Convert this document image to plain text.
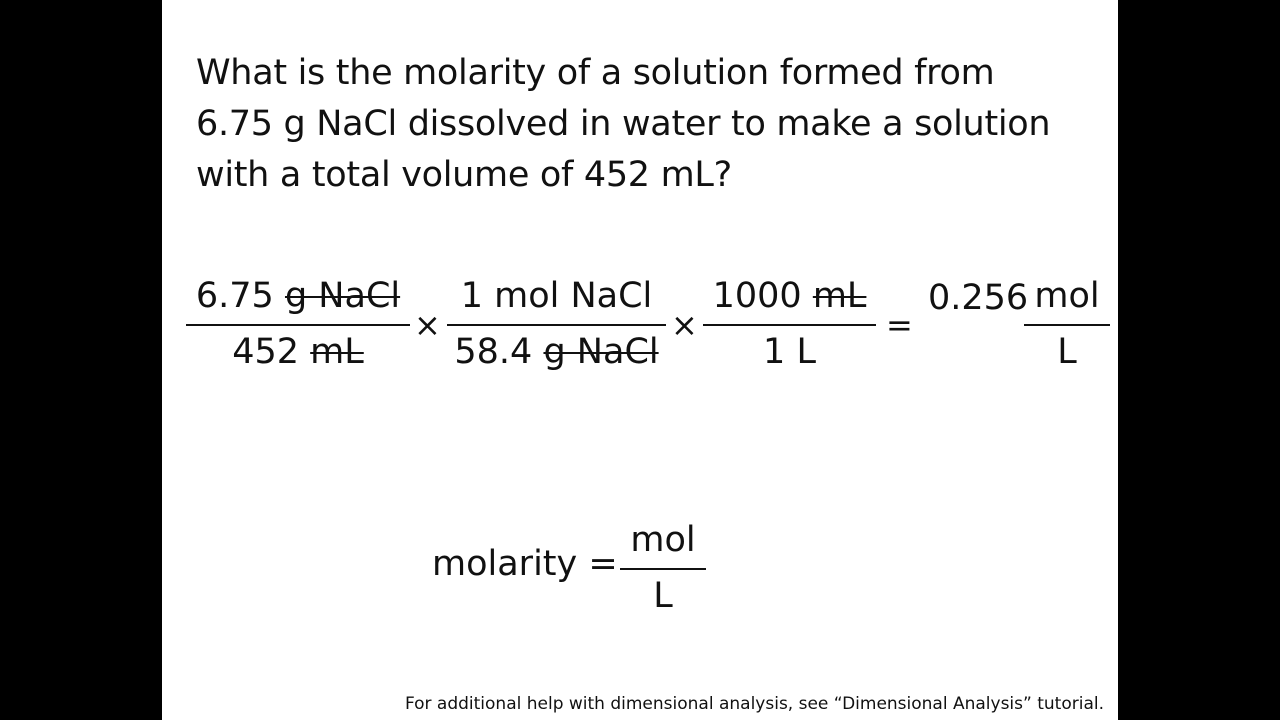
What is the molarity of a solution formed from
6.75 g NaCl dissolved in water to make a solution
with a total volume of 452 mL?
6.75 g NaCl
452 mL
×
1 mol NaCl
58.4 g NaCl
×
1000 mL
1 L
=
0.256 mol
L
molarity =
mol
L
For additional help with dimensional analysis, see “Dimensional Analysis” tutorial.
